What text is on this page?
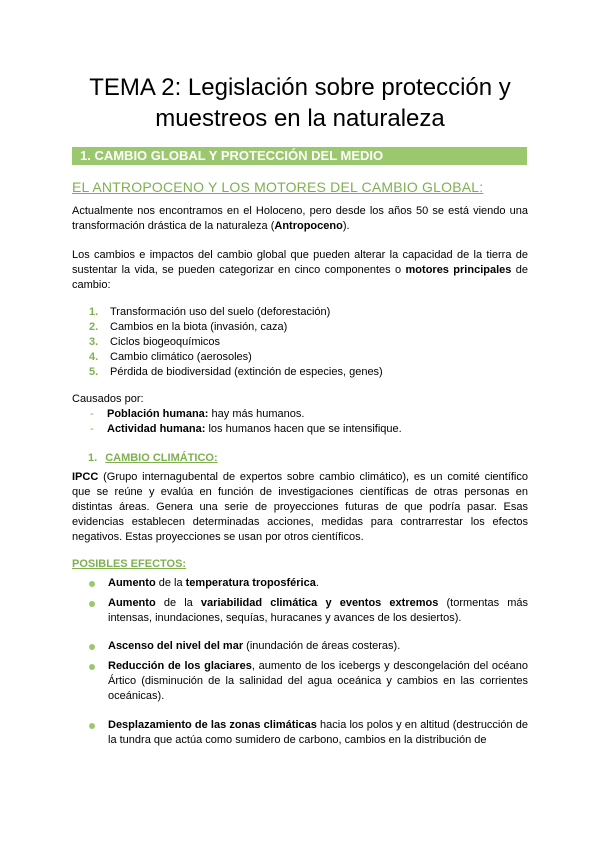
TEMA 2: Legislación sobre protección y
muestreos en la naturaleza
1. CAMBIO GLOBAL Y PROTECCIÓN DEL MEDIO
EL ANTROPOCENO Y LOS MOTORES DEL CAMBIO GLOBAL:

Actualmente nos encontramos en el Holoceno, pero desde los años 50 se está viendo una transformación drástica de la naturaleza (Antropoceno).

Los cambios e impactos del cambio global que pueden alterar la capacidad de la tierra de sustentar la vida, se pueden categorizar en cinco componentes o motores principales de cambio:

1. Transformación uso del suelo (deforestación)
2. Cambios en la biota (invasión, caza)
3. Ciclos biogeoquímicos
4. Cambio climático (aerosoles)
5. Pérdida de biodiversidad (extinción de especies, genes)

Causados por:

- Población humana: hay más humanos.
- Actividad humana: los humanos hacen que se intensifique.
1. CAMBIO CLIMÁTICO:

IPCC (Grupo internagubental de expertos sobre cambio climático), es un comité científico que se reúne y evalúa en función de investigaciones científicas de otras personas en distintas áreas. Genera una serie de proyecciones futuras de que podría pasar. Esas evidencias establecen determinadas acciones, medidas para contrarrestar los efectos negativos. Estas proyecciones se usan por otros científicos.

POSIBLES EFECTOS:
Aumento de la temperatura troposférica.
Aumento de la variabilidad climática y eventos extremos (tormentas más intensas, inundaciones, sequías, huracanes y avances de los desiertos).
Ascenso del nivel del mar (inundación de áreas costeras).
Reducción de los glaciares, aumento de los icebergs y descongelación del océano Ártico (disminución de la salinidad del agua oceánica y cambios en las corrientes oceánicas).
Desplazamiento de las zonas climáticas hacia los polos y en altitud (destrucción de la tundra que actúa como sumidero de carbono, cambios en la distribución de
